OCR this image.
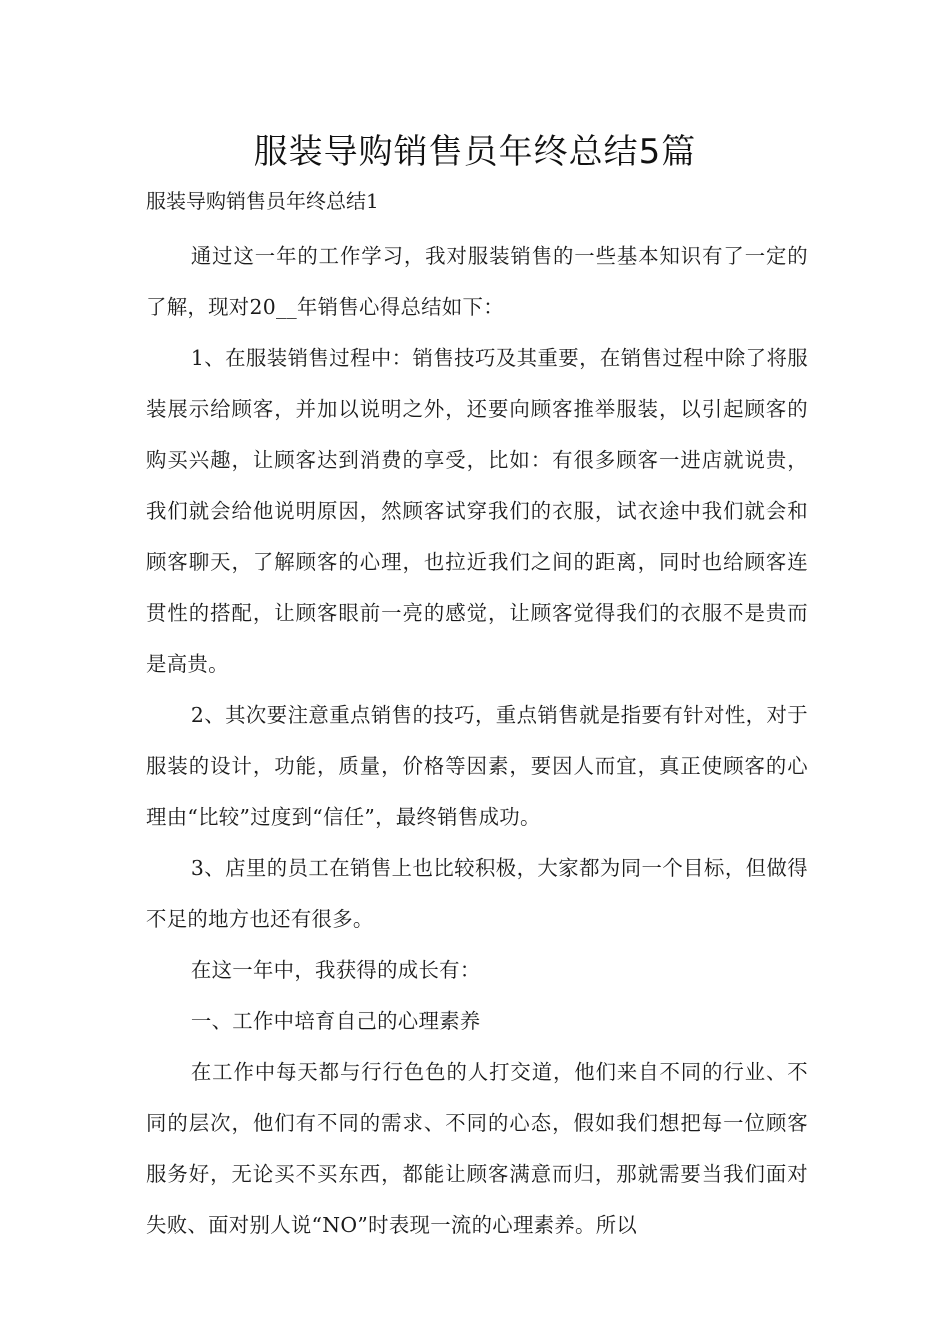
服装导购销售员年终总结5篇

服装导购销售员年终总结1

通过这一年的工作学习，我对服装销售的一些基本知识有了一定的了解，现对20__年销售心得总结如下：

1、在服装销售过程中：销售技巧及其重要，在销售过程中除了将服装展示给顾客，并加以说明之外，还要向顾客推举服装，以引起顾客的购买兴趣，让顾客达到消费的享受，比如：有很多顾客一进店就说贵，我们就会给他说明原因，然顾客试穿我们的衣服，试衣途中我们就会和顾客聊天，了解顾客的心理，也拉近我们之间的距离，同时也给顾客连贯性的搭配，让顾客眼前一亮的感觉，让顾客觉得我们的衣服不是贵而是高贵。

2、其次要注意重点销售的技巧，重点销售就是指要有针对性，对于服装的设计，功能，质量，价格等因素，要因人而宜，真正使顾客的心理由“比较”过度到“信任”，最终销售成功。

3、店里的员工在销售上也比较积极，大家都为同一个目标，但做得不足的地方也还有很多。

在这一年中，我获得的成长有：

一、工作中培育自己的心理素养

在工作中每天都与行行色色的人打交道，他们来自不同的行业、不同的层次，他们有不同的需求、不同的心态，假如我们想把每一位顾客服务好，无论买不买东西，都能让顾客满意而归，那就需要当我们面对失败、面对别人说“NO”时表现一流的心理素养。所以
